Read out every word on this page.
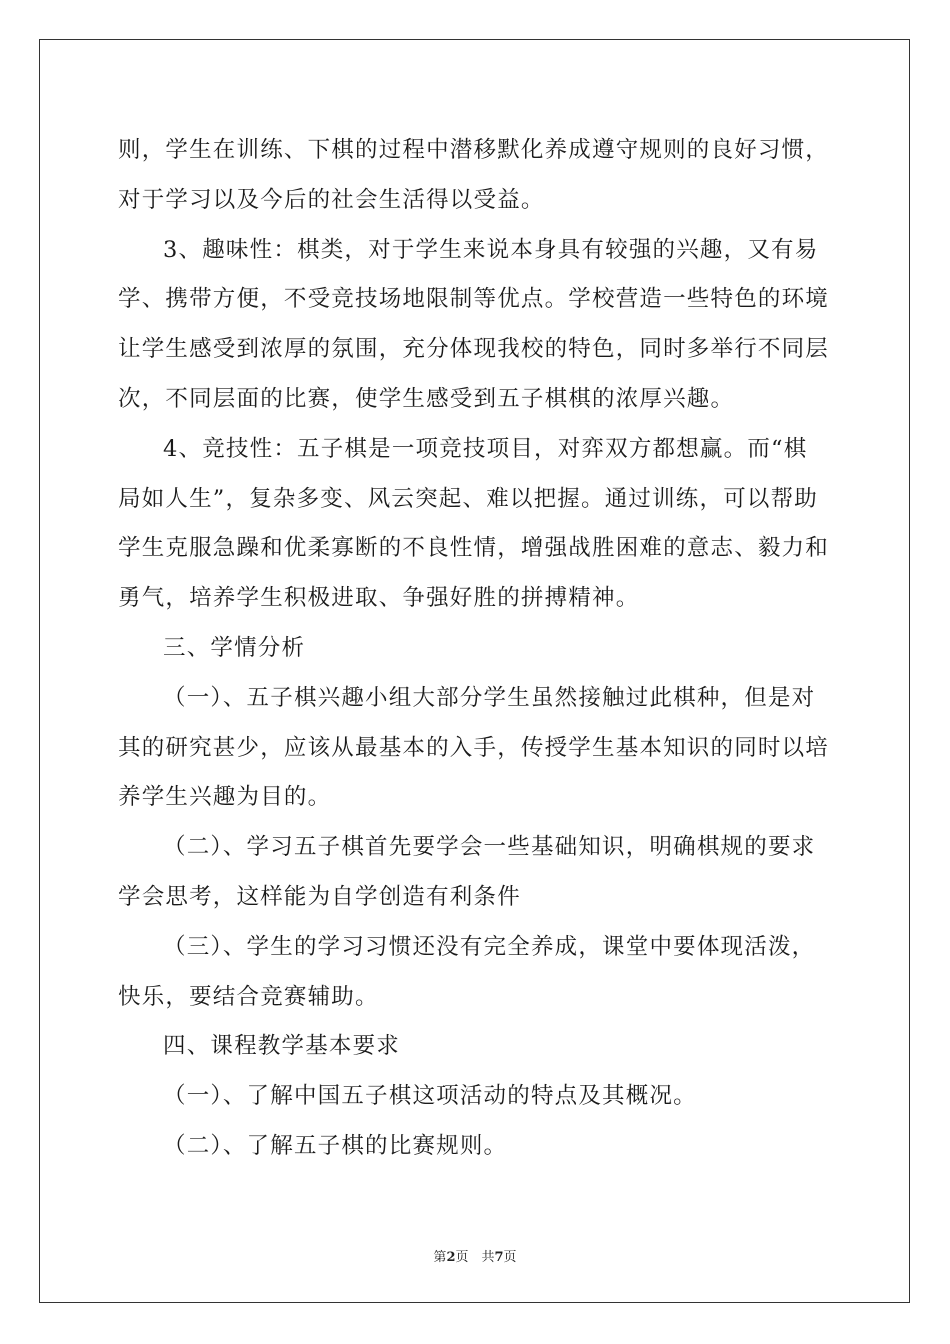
则，学生在训练、下棋的过程中潜移默化养成遵守规则的良好习惯，

对于学习以及今后的社会生活得以受益。

3、趣味性：棋类，对于学生来说本身具有较强的兴趣，又有易

学、携带方便，不受竞技场地限制等优点。学校营造一些特色的环境

让学生感受到浓厚的氛围，充分体现我校的特色，同时多举行不同层

次，不同层面的比赛，使学生感受到五子棋棋的浓厚兴趣。

4、竞技性：五子棋是一项竞技项目，对弈双方都想赢。而“棋

局如人生”，复杂多变、风云突起、难以把握。通过训练，可以帮助

学生克服急躁和优柔寡断的不良性情，增强战胜困难的意志、毅力和

勇气，培养学生积极进取、争强好胜的拼搏精神。

三、学情分析

（一）、五子棋兴趣小组大部分学生虽然接触过此棋种，但是对

其的研究甚少，应该从最基本的入手，传授学生基本知识的同时以培

养学生兴趣为目的。

（二）、学习五子棋首先要学会一些基础知识，明确棋规的要求

学会思考，这样能为自学创造有利条件

（三）、学生的学习习惯还没有完全养成，课堂中要体现活泼，

快乐，要结合竞赛辅助。

四、课程教学基本要求

（一）、了解中国五子棋这项活动的特点及其概况。

（二）、了解五子棋的比赛规则。

第2页　共7页
